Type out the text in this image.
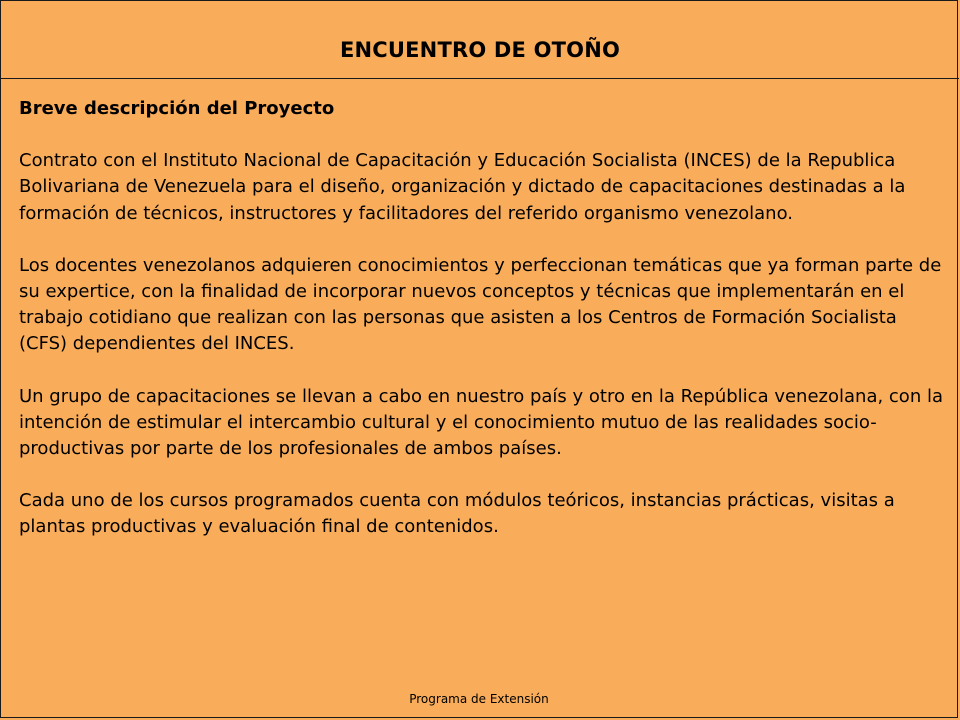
ENCUENTRO DE OTOÑO
Breve descripción del Proyecto
Contrato con el Instituto Nacional de Capacitación y Educación Socialista (INCES) de la Republica Bolivariana de Venezuela para el diseño, organización y dictado de capacitaciones destinadas a la formación de técnicos, instructores y facilitadores del referido organismo venezolano.
Los docentes venezolanos adquieren conocimientos y perfeccionan temáticas que ya forman parte de su expertice, con la finalidad de incorporar nuevos conceptos y técnicas que implementarán en el trabajo cotidiano que realizan con las personas que asisten a los Centros de Formación Socialista (CFS) dependientes del INCES.
Un grupo de capacitaciones se llevan a cabo en nuestro país y otro en la República venezolana, con la intención de estimular el intercambio cultural y el conocimiento mutuo de las realidades socio-productivas por parte de los profesionales de ambos países.
Cada uno de los cursos programados cuenta con módulos teóricos, instancias prácticas, visitas a plantas productivas y evaluación final de contenidos.
Programa de Extensión
